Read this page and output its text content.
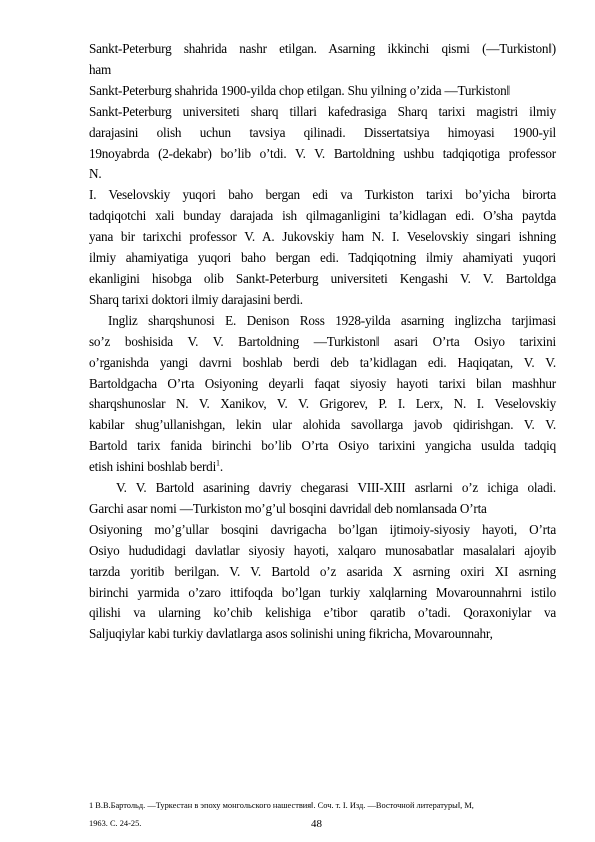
Sankt-Peterburg shahrida nashr etilgan. Asarning ikkinchi qismi (―Turkiston‖)
ham
Sankt-Peterburg shahrida 1900-yilda chop etilgan. Shu yilning o’zida ―Turkiston‖
Sankt-Peterburg universiteti sharq tillari kafedrasiga Sharq tarixi magistri ilmiy
darajasini olish uchun tavsiya qilinadi. Dissertatsiya himoyasi 1900-yil
19noyabrda (2-dekabr) bo’lib o’tdi. V. V. Bartoldning ushbu tadqiqotiga professor
N.
I. Veselovskiy yuqori baho bergan edi va Turkiston tarixi bo’yicha birorta
tadqiqotchi xali bunday darajada ish qilmaganligini ta’kidlagan edi. O’sha paytda
yana bir tarixchi professor V. A. Jukovskiy ham N. I. Veselovskiy singari ishning
ilmiy ahamiyatiga yuqori baho bergan edi. Tadqiqotning ilmiy ahamiyati yuqori
ekanligini hisobga olib Sankt-Peterburg universiteti Kengashi V. V. Bartoldga
Sharq tarixi doktori ilmiy darajasini berdi.
Ingliz sharqshunosi E. Denison Ross 1928-yilda asarning inglizcha tarjimasi
so’z boshisida V. V. Bartoldning ―Turkiston‖ asari O’rta Osiyo tarixini
o’rganishda yangi davrni boshlab berdi deb ta’kidlagan edi. Haqiqatan, V. V.
Bartoldgacha O’rta Osiyoning deyarli faqat siyosiy hayoti tarixi bilan mashhur
sharqshunoslar N. V. Xanikov, V. V. Grigorev, P. I. Lerx, N. I. Veselovskiy
kabilar shug’ullanishgan, lekin ular alohida savollarga javob qidirishgan. V. V.
Bartold tarix fanida birinchi bo’lib O’rta Osiyo tarixini yangicha usulda tadqiq
etish ishini boshlab berdi$^1$.
V. V. Bartold asarining davriy chegarasi VIII-XIII asrlarni o’z ichiga oladi.
Garchi asar nomi ―Turkiston mo’g’ul bosqini davrida‖ deb nomlansada O’rta
Osiyoning mo’g’ullar bosqini davrigacha bo’lgan ijtimoiy-siyosiy hayoti, O’rta
Osiyo hududidagi davlatlar siyosiy hayoti, xalqaro munosabatlar masalalari ajoyib
tarzda yoritib berilgan. V. V. Bartold o’z asarida X asrning oxiri XI asrning
birinchi yarmida o’zaro ittifoqda bo’lgan turkiy xalqlarning Movarounnahrni istilo
qilishi va ularning ko’chib kelishiga e’tibor qaratib o’tadi. Qoraxoniylar va
Saljuqiylar kabi turkiy davlatlarga asos solinishi uning fikricha, Movarounnahr,
1 В.В.Бартольд. ―Туркестан в эпоху монгольского нашествия‖. Соч. т. I. Изд. ―Восточной литературы‖, М,
1963. С. 24-25.	48
